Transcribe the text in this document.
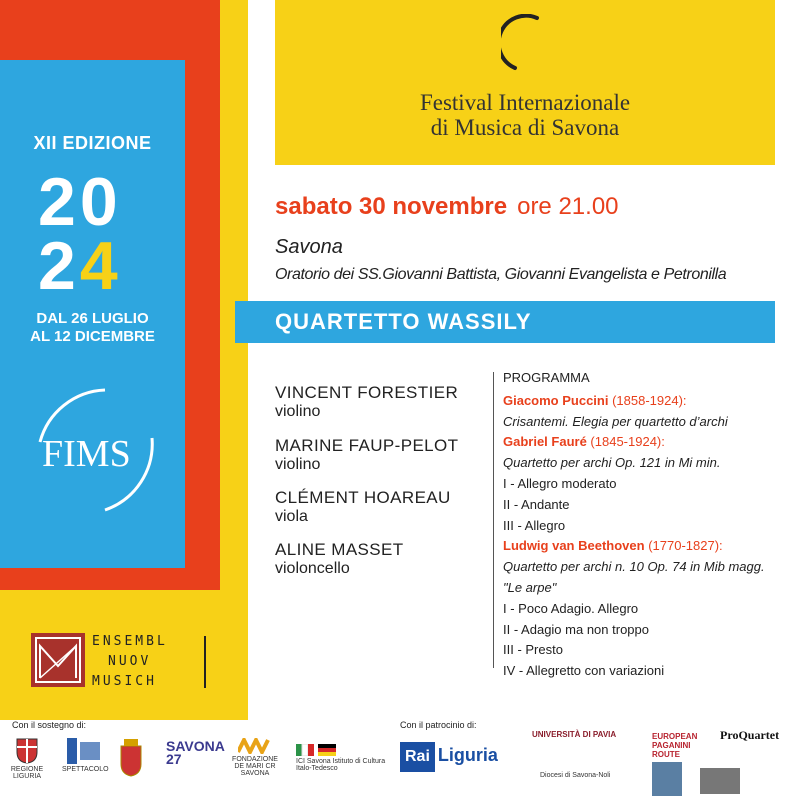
XII EDIZIONE
20
24
DAL 26 LUGLIO
AL 12 DICEMBRE
FIMS
ENSEMBL
NUOV
MUSICH
Festival Internazionale
di Musica di Savona
sabato 30 novembre ore 21.00
Savona
Oratorio dei SS.Giovanni Battista, Giovanni Evangelista e Petronilla
QUARTETTO WASSILY
VINCENT FORESTIER
violino
MARINE FAUP-PELOT
violino
CLÉMENT HOAREAU
viola
ALINE MASSET
violoncello
PROGRAMMA
Giacomo Puccini (1858-1924):
Crisantemi. Elegia per quartetto d’archi
Gabriel Fauré (1845-1924):
Quartetto per archi Op. 121 in Mi min.
I - Allegro moderato
II - Andante
III - Allegro
Ludwig van Beethoven (1770-1827):
Quartetto per archi n. 10 Op. 74 in Mib magg.
"Le arpe"
I - Poco Adagio. Allegro
II - Adagio ma non troppo
III - Presto
IV - Allegretto con variazioni
Con il sostegno di:	Con il patrocinio di:
REGIONE LIGURIA
SPETTACOLO
SAVONA 27	FONDAZIONE DE MARI CR SAVONA
ICI Savona Istituto di Cultura Italo-Tedesco
Rai Liguria
UNIVERSITÀ DI PAVIA	EUROPEAN PAGANINI ROUTE
ProQuartet
Diocesi di Savona-Noli
